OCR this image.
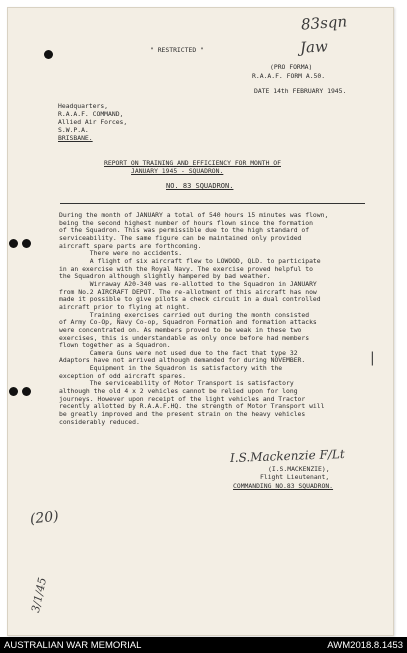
83sqn
Jaw
" RESTRICTED "
(PRO FORMA)
R.A.A.F. FORM A.50.
DATE 14th FEBRUARY 1945.
Headquarters,
R.A.A.F. COMMAND,
Allied Air Forces,
S.W.P.A.
BRISBANE.
REPORT ON TRAINING AND EFFICIENCY FOR MONTH OF
JANUARY 1945 - SQUADRON.
NO. 83 SQUADRON.
During the month of JANUARY a total of 540 hours 15 minutes was flown,
being the second highest number of hours flown since the formation
of the Squadron. This was permissible due to the high standard of
serviceability. The same figure can be maintained only provided
aircraft spare parts are forthcoming.
There were no accidents.
A flight of six aircraft flew to LOWOOD, QLD. to participate
in an exercise with the Royal Navy. The exercise proved helpful to
the Squadron although slightly hampered by bad weather.
Wirraway A20-340 was re-allotted to the Squadron in JANUARY
from No.2 AIRCRAFT DEPOT. The re-allotment of this aircraft has now
made it possible to give pilots a check circuit in a dual controlled
aircraft prior to flying at night.
Training exercises carried out during the month consisted
of Army Co-Op, Navy Co-op, Squadron Formation and formation attacks
were concentrated on. As members proved to be weak in these two
exercises, this is understandable as only once before had members
flown together as a Squadron.
Camera Guns were not used due to the fact that type 32
Adaptors have not arrived although demanded for during NOVEMBER.
Equipment in the Squadron is satisfactory with the
exception of odd aircraft spares.
The serviceability of Motor Transport is satisfactory
although the old 4 x 2 vehicles cannot be relied upon for long
journeys. However upon receipt of the light vehicles and Tractor
recently allotted by R.A.A.F.HQ. the strength of Motor Transport will
be greatly improved and the present strain on the heavy vehicles
considerably reduced.
|
I.S.Mackenzie F/Lt
(I.S.MACKENZIE),
Flight Lieutenant,
COMMANDING NO.83 SQUADRON.
(20)
3/1/45
AUSTRALIAN WAR MEMORIAL	AWM2018.8.1453
